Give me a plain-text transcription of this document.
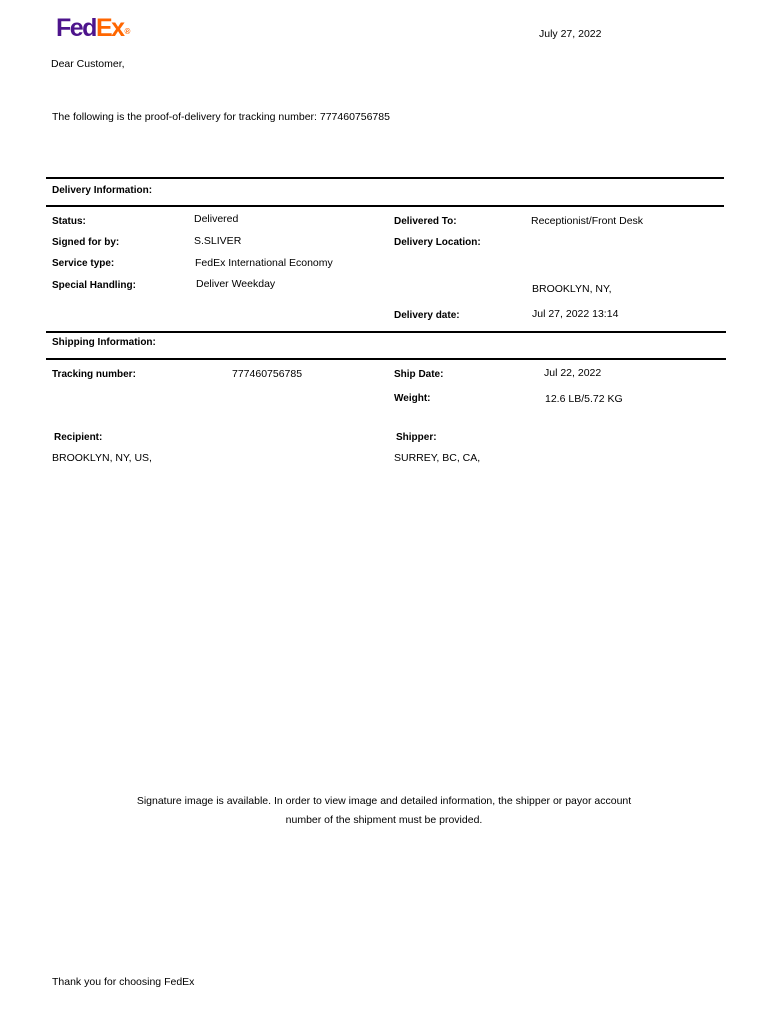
FedEx®	July 27, 2022
Dear Customer,
The following is the proof-of-delivery for tracking number: 777460756785
Delivery Information:
Status:	Delivered
Signed for by:	S.SLIVER
Service type:	FedEx International Economy
Special Handling:	Deliver Weekday
Delivered To:	Receptionist/Front Desk
Delivery Location:
BROOKLYN, NY,
Delivery date:	Jul 27, 2022 13:14
Shipping Information:
Tracking number:	777460756785	Ship Date:	Jul 22, 2022
Weight:	12.6 LB/5.72 KG
Recipient:
BROOKLYN, NY, US,
Shipper:
SURREY, BC, CA,
Signature image is available. In order to view image and detailed information, the shipper or payor account
number of the shipment must be provided.
Thank you for choosing FedEx
